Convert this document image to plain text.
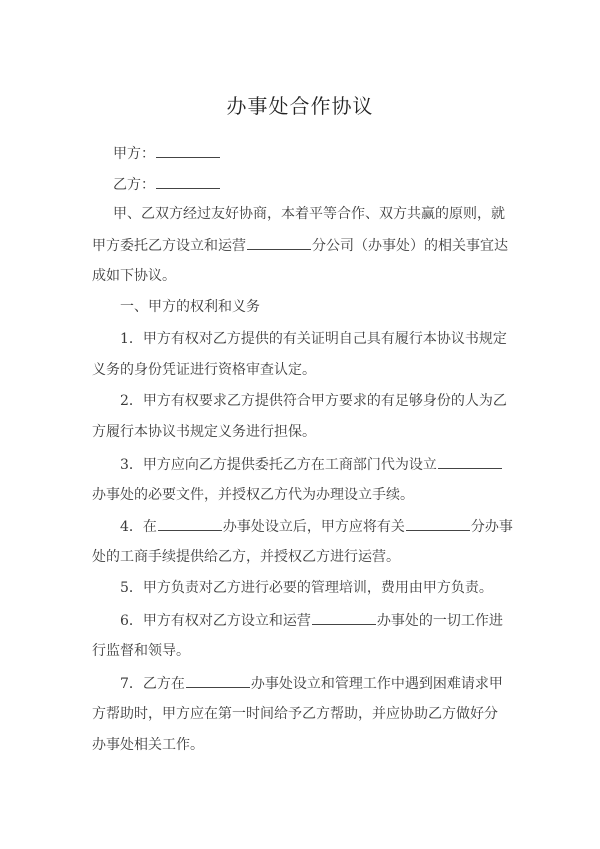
办事处合作协议
甲方：
乙方：
甲、乙双方经过友好协商，本着平等合作、双方共赢的原则，就
甲方委托乙方设立和运营	分公司（办事处）的相关事宜达
成如下协议。
一、甲方的权利和义务
1．甲方有权对乙方提供的有关证明自己具有履行本协议书规定
义务的身份凭证进行资格审查认定。
2．甲方有权要求乙方提供符合甲方要求的有足够身份的人为乙
方履行本协议书规定义务进行担保。
3．甲方应向乙方提供委托乙方在工商部门代为设立
办事处的必要文件，并授权乙方代为办理设立手续。
4．在	办事处设立后，甲方应将有关	分办事
处的工商手续提供给乙方，并授权乙方进行运营。
5．甲方负责对乙方进行必要的管理培训，费用由甲方负责。
6．甲方有权对乙方设立和运营	办事处的一切工作进
行监督和领导。
7．乙方在	办事处设立和管理工作中遇到困难请求甲
方帮助时，甲方应在第一时间给予乙方帮助，并应协助乙方做好分
办事处相关工作。
